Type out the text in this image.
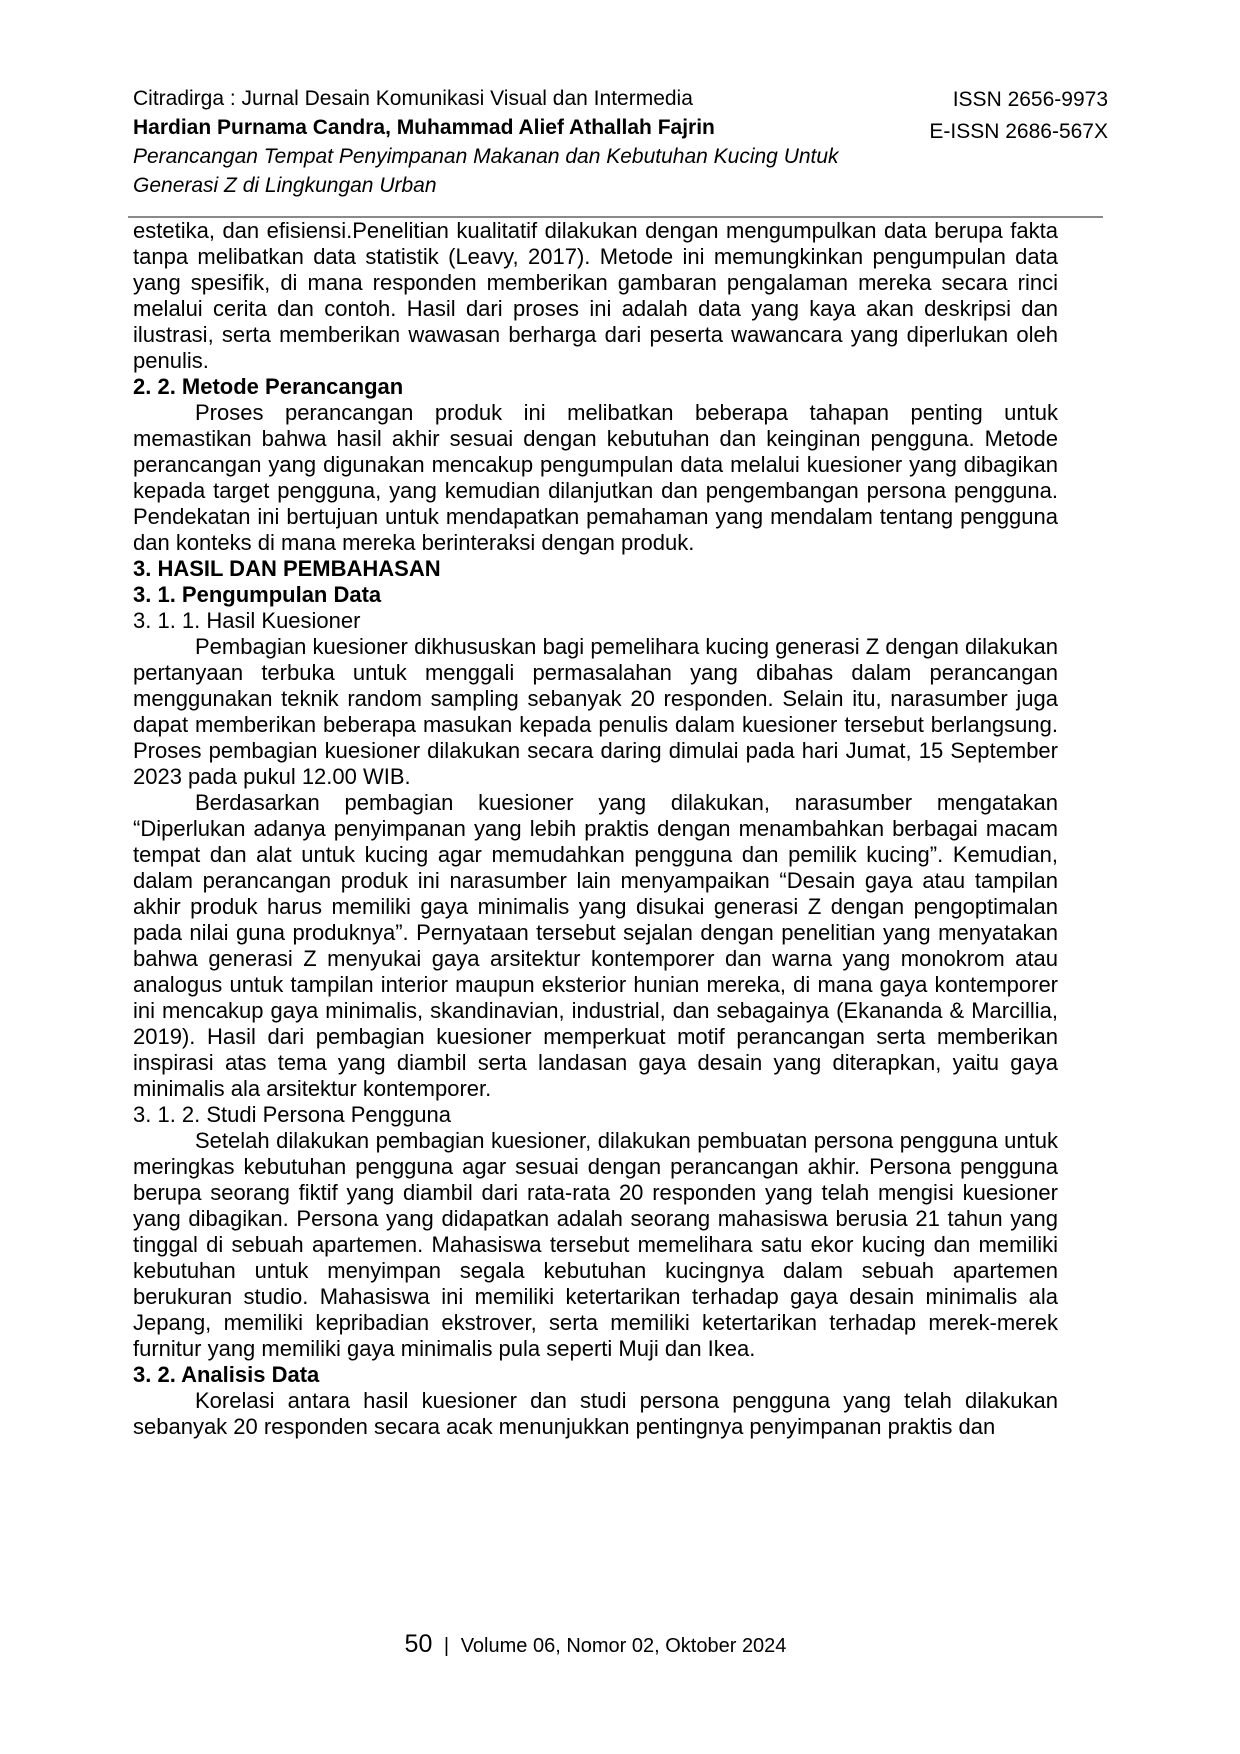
Citradirga : Jurnal Desain Komunikasi Visual dan Intermedia
Hardian Purnama Candra, Muhammad Alief Athallah Fajrin
Perancangan Tempat Penyimpanan Makanan dan Kebutuhan Kucing Untuk Generasi Z di Lingkungan Urban
ISSN 2656-9973
E-ISSN 2686-567X

estetika, dan efisiensi.Penelitian kualitatif dilakukan dengan mengumpulkan data berupa fakta tanpa melibatkan data statistik (Leavy, 2017). Metode ini memungkinkan pengumpulan data yang spesifik, di mana responden memberikan gambaran pengalaman mereka secara rinci melalui cerita dan contoh. Hasil dari proses ini adalah data yang kaya akan deskripsi dan ilustrasi, serta memberikan wawasan berharga dari peserta wawancara yang diperlukan oleh penulis.

2. 2. Metode Perancangan

Proses perancangan produk ini melibatkan beberapa tahapan penting untuk memastikan bahwa hasil akhir sesuai dengan kebutuhan dan keinginan pengguna. Metode perancangan yang digunakan mencakup pengumpulan data melalui kuesioner yang dibagikan kepada target pengguna, yang kemudian dilanjutkan dan pengembangan persona pengguna. Pendekatan ini bertujuan untuk mendapatkan pemahaman yang mendalam tentang pengguna dan konteks di mana mereka berinteraksi dengan produk.

3. HASIL DAN PEMBAHASAN

3. 1. Pengumpulan Data

3. 1. 1. Hasil Kuesioner

Pembagian kuesioner dikhususkan bagi pemelihara kucing generasi Z dengan dilakukan pertanyaan terbuka untuk menggali permasalahan yang dibahas dalam perancangan menggunakan teknik random sampling sebanyak 20 responden. Selain itu, narasumber juga dapat memberikan beberapa masukan kepada penulis dalam kuesioner tersebut berlangsung. Proses pembagian kuesioner dilakukan secara daring dimulai pada hari Jumat, 15 September 2023 pada pukul 12.00 WIB.

Berdasarkan pembagian kuesioner yang dilakukan, narasumber mengatakan “Diperlukan adanya penyimpanan yang lebih praktis dengan menambahkan berbagai macam tempat dan alat untuk kucing agar memudahkan pengguna dan pemilik kucing”. Kemudian, dalam perancangan produk ini narasumber lain menyampaikan “Desain gaya atau tampilan akhir produk harus memiliki gaya minimalis yang disukai generasi Z dengan pengoptimalan pada nilai guna produknya”. Pernyataan tersebut sejalan dengan penelitian yang menyatakan bahwa generasi Z menyukai gaya arsitektur kontemporer dan warna yang monokrom atau analogus untuk tampilan interior maupun eksterior hunian mereka, di mana gaya kontemporer ini mencakup gaya minimalis, skandinavian, industrial, dan sebagainya (Ekananda & Marcillia, 2019). Hasil dari pembagian kuesioner memperkuat motif perancangan serta memberikan inspirasi atas tema yang diambil serta landasan gaya desain yang diterapkan, yaitu gaya minimalis ala arsitektur kontemporer.

3. 1. 2. Studi Persona Pengguna

Setelah dilakukan pembagian kuesioner, dilakukan pembuatan persona pengguna untuk meringkas kebutuhan pengguna agar sesuai dengan perancangan akhir. Persona pengguna berupa seorang fiktif yang diambil dari rata-rata 20 responden yang telah mengisi kuesioner yang dibagikan. Persona yang didapatkan adalah seorang mahasiswa berusia 21 tahun yang tinggal di sebuah apartemen. Mahasiswa tersebut memelihara satu ekor kucing dan memiliki kebutuhan untuk menyimpan segala kebutuhan kucingnya dalam sebuah apartemen berukuran studio. Mahasiswa ini memiliki ketertarikan terhadap gaya desain minimalis ala Jepang, memiliki kepribadian ekstrover, serta memiliki ketertarikan terhadap merek-merek furnitur yang memiliki gaya minimalis pula seperti Muji dan Ikea.

3. 2. Analisis Data

Korelasi antara hasil kuesioner dan studi persona pengguna yang telah dilakukan sebanyak 20 responden secara acak menunjukkan pentingnya penyimpanan praktis dan

50 | Volume 06, Nomor 02, Oktober 2024
